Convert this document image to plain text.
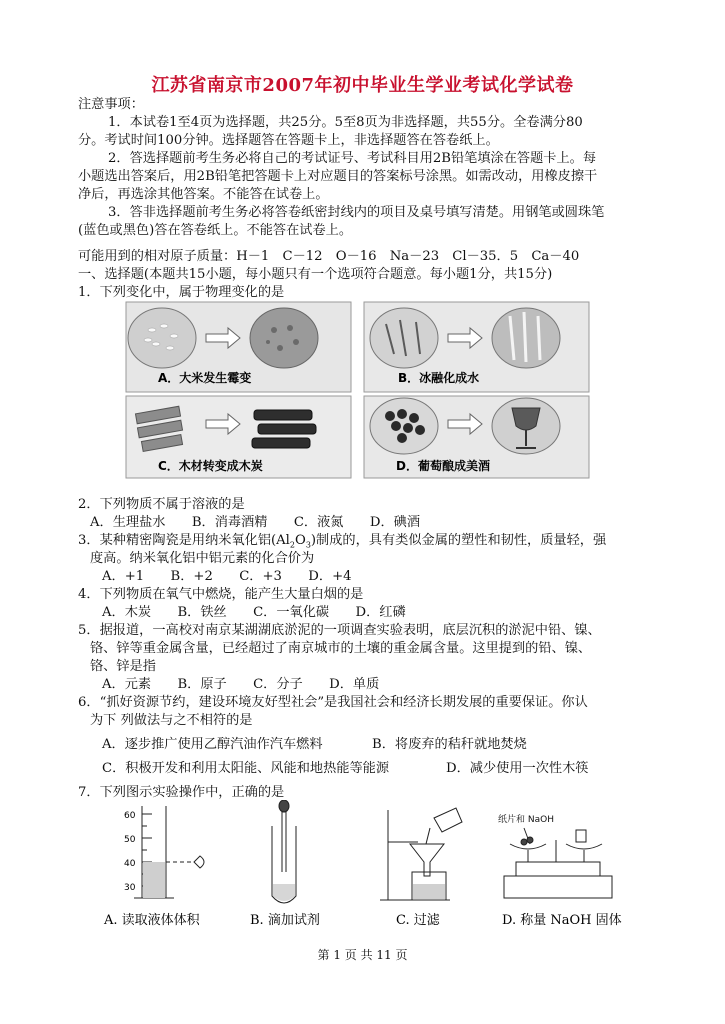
江苏省南京市2007年初中毕业生学业考试化学试卷
注意事项：
1．本试卷1至4页为选择题，共25分。5至8页为非选择题，共55分。全卷满分80
分。考试时间100分钟。选择题答在答题卡上，非选择题答在答卷纸上。
2．答选择题前考生务必将自己的考试证号、考试科目用2B铅笔填涂在答题卡上。每
小题选出答案后，用2B铅笔把答题卡上对应题目的答案标号涂黑。如需改动，用橡皮擦干
净后，再选涂其他答案。不能答在试卷上。
3．答非选择题前考生务必将答卷纸密封线内的项目及桌号填写清楚。用钢笔或圆珠笔
(蓝色或黑色)答在答卷纸上。不能答在试卷上。
可能用到的相对原子质量：H－1　C－12　O－16　Na－23　Cl－35．5　Ca－40
一、选择题(本题共15小题，每小题只有一个选项符合题意。每小题1分，共15分)
1．下列变化中，属于物理变化的是
A．大米发生霉变	B．冰融化成水
C．木材转变成木炭	D．葡萄酿成美酒
2．下列物质不属于溶液的是
A．生理盐水　　B．消毒酒精　　C．液氮　　D．碘酒
3．某种精密陶瓷是用纳米氧化铝$(Al_2O_3)$制成的，具有类似金属的塑性和韧性，质量轻，强
度高。纳米氧化铝中铝元素的化合价为
A．+1　　B．+2　　C．+3　　D．+4
4．下列物质在氧气中燃烧，能产生大量白烟的是
A．木炭　　B．铁丝　　C．一氧化碳　　D．红磷
5．据报道，一高校对南京某湖湖底淤泥的一项调查实验表明，底层沉积的淤泥中铅、镍、
铬、锌等重金属含量，已经超过了南京城市的土壤的重金属含量。这里提到的铅、镍、
铬、锌是指
A．元素　　B．原子　　C．分子　　D．单质
6．“抓好资源节约，建设环境友好型社会”是我国社会和经济长期发展的重要保证。你认
为下 列做法与之不相符的是
A．逐步推广使用乙醇汽油作汽车燃料	B．将废弃的秸秆就地焚烧
C．积极开发和利用太阳能、风能和地热能等能源	D．减少使用一次性木筷
7．下列图示实验操作中，正确的是
60
50
40
30
A. 读取液体体积	B. 滴加试剂	C. 过滤
纸片和 NaOH
D. 称量 NaOH 固体
第 1 页 共 11 页
